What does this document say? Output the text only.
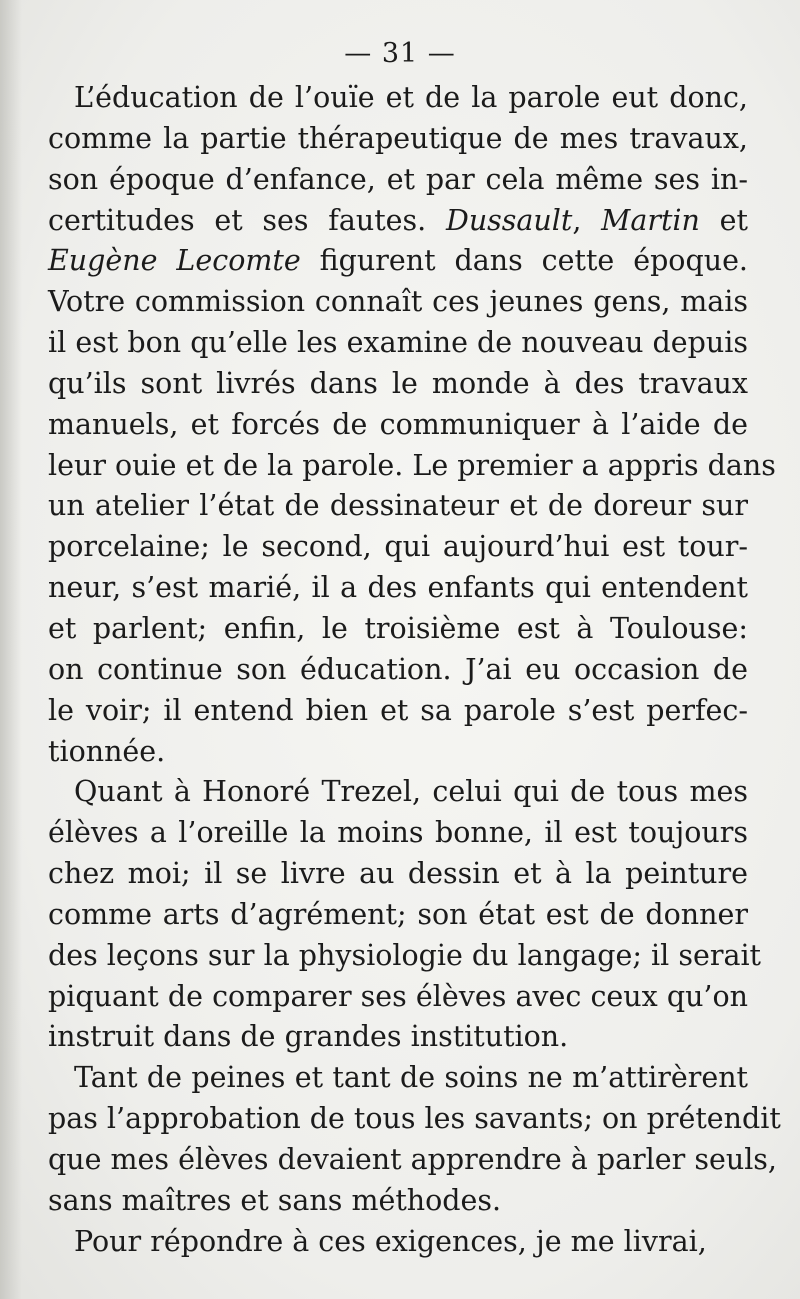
— 31 —
L’éducation de l’ouïe et de la parole eut donc,
comme la partie thérapeutique de mes travaux,
son époque d’enfance, et par cela même ses in-
certitudes et ses fautes. Dussault, Martin et
Eugène Lecomte figurent dans cette époque.
Votre commission connaît ces jeunes gens, mais
il est bon qu’elle les examine de nouveau depuis
qu’ils sont livrés dans le monde à des travaux
manuels, et forcés de communiquer à l’aide de
leur ouie et de la parole. Le premier a appris dans
un atelier l’état de dessinateur et de doreur sur
porcelaine; le second, qui aujourd’hui est tour-
neur, s’est marié, il a des enfants qui entendent
et parlent; enfin, le troisième est à Toulouse:
on continue son éducation. J’ai eu occasion de
le voir; il entend bien et sa parole s’est perfec-
tionnée.
Quant à Honoré Trezel, celui qui de tous mes
élèves a l’oreille la moins bonne, il est toujours
chez moi; il se livre au dessin et à la peinture
comme arts d’agrément; son état est de donner
des leçons sur la physiologie du langage; il serait
piquant de comparer ses élèves avec ceux qu’on
instruit dans de grandes institution.
Tant de peines et tant de soins ne m’attirèrent
pas l’approbation de tous les savants; on prétendit
que mes élèves devaient apprendre à parler seuls,
sans maîtres et sans méthodes.
Pour répondre à ces exigences, je me livrai,
